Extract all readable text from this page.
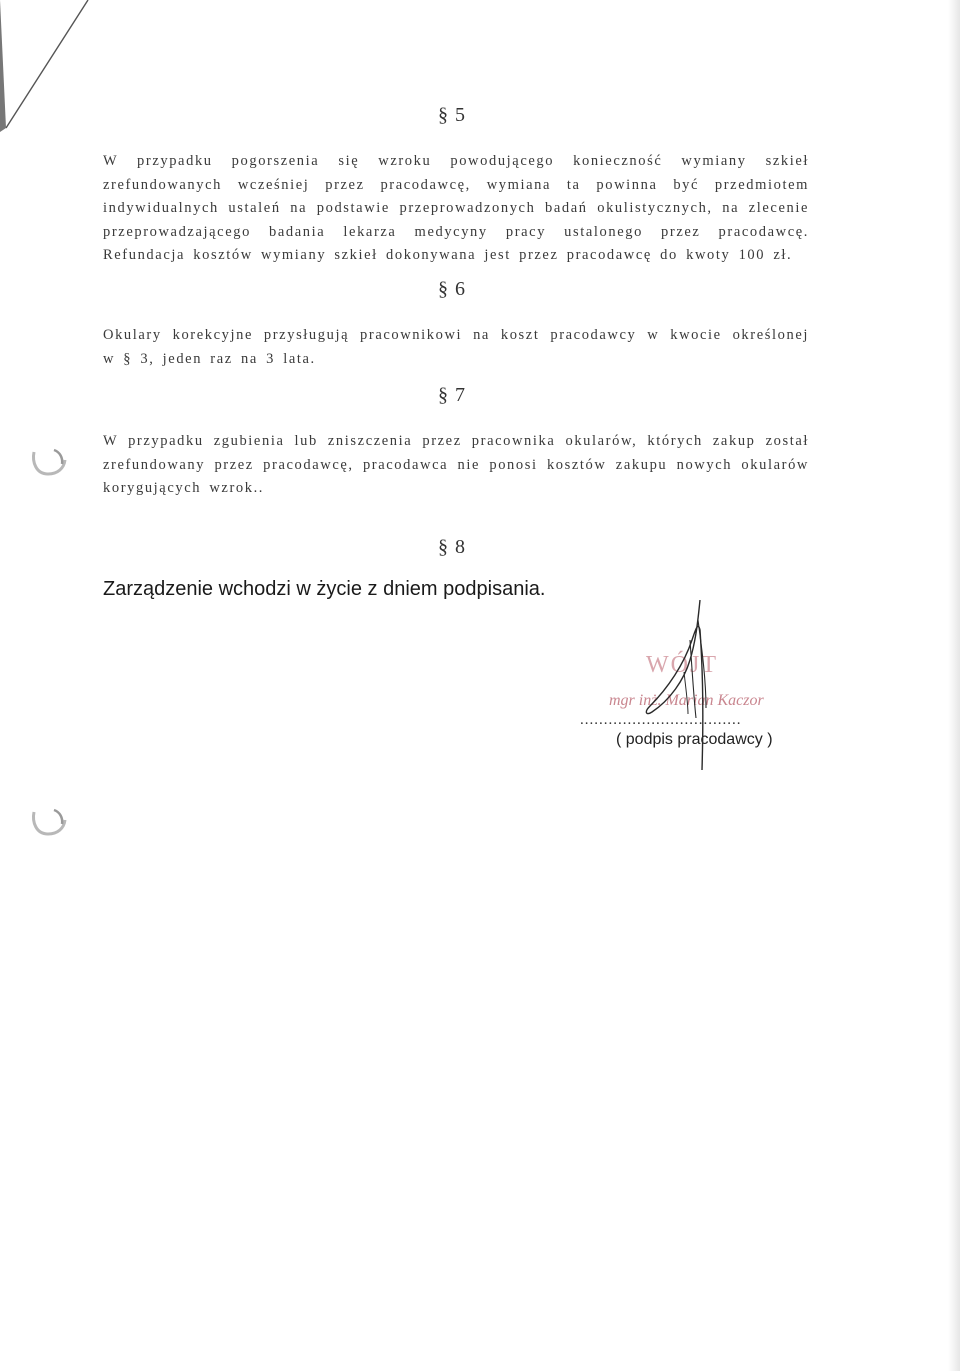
§ 5
W przypadku pogorszenia się wzroku powodującego konieczność wymiany szkieł
zrefundowanych wcześniej przez pracodawcę, wymiana ta powinna być przedmiotem
indywidualnych ustaleń na podstawie przeprowadzonych badań okulistycznych, na zlecenie
przeprowadzającego badania lekarza medycyny pracy ustalonego przez pracodawcę.
Refundacja kosztów wymiany szkieł dokonywana jest przez pracodawcę do kwoty 100 zł.
§ 6
Okulary korekcyjne przysługują pracownikowi na koszt pracodawcy w kwocie określonej
w § 3, jeden raz na 3 lata.
§ 7
W przypadku zgubienia lub zniszczenia przez pracownika okularów, których zakup został
zrefundowany przez pracodawcę, pracodawca nie ponosi kosztów zakupu nowych okularów
korygujących wzrok..
§ 8
Zarządzenie wchodzi w życie z dniem podpisania.
WÓJT
mgr inż. Marian Kaczor
..................................
( podpis pracodawcy )
